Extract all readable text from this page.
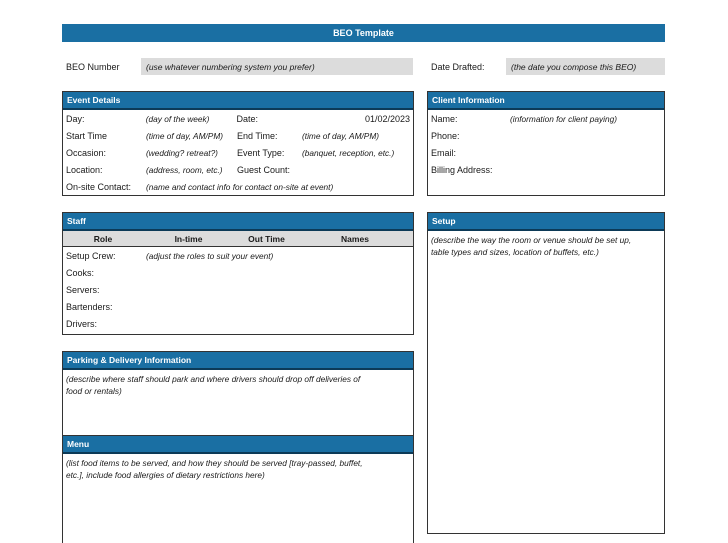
BEO Template
BEO Number	(use whatever numbering system you prefer)	Date Drafted:	(the date you compose this BEO)
Event Details
Day:	(day of the week)	Date:	01/02/2023
Start Time	(time of day, AM/PM)	End Time:	(time of day, AM/PM)
Occasion:	(wedding? retreat?)	Event Type:	(banquet, reception, etc.)
Location:	(address, room, etc.)	Guest Count:
On-site Contact:	(name and contact info for contact on-site at event)
Client Information
Name:	(information for client paying)
Phone:
Email:
Billing Address:
Staff
Role	In-time	Out Time	Names
Setup Crew:	(adjust the roles to suit your event)
Cooks:
Servers:
Bartenders:
Drivers:
Setup
(describe the way the room or venue should be set up,
table types and sizes, location of buffets, etc.)
Parking & Delivery Information
(describe where staff should park and where drivers should drop off deliveries of
food or rentals)
Menu
(list food items to be served, and how they should be served [tray-passed, buffet,
etc.], include food allergies of dietary restrictions here)
